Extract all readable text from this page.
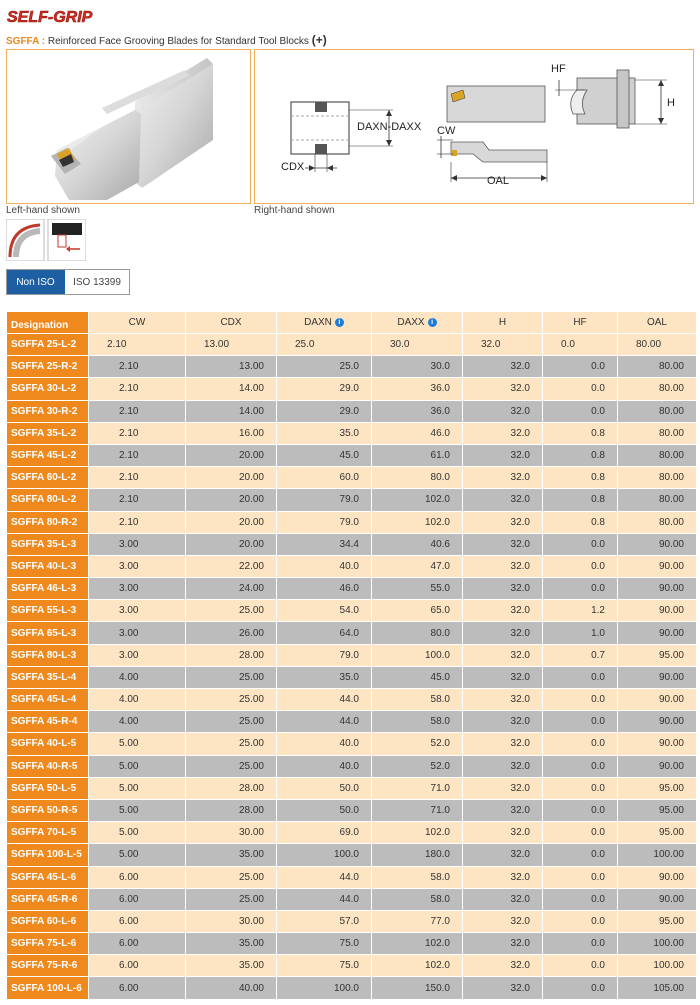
SELF-GRIP
SGFFA : Reinforced Face Grooving Blades for Standard Tool Blocks (+)
Left-hand shown
DAXN-DAXX
CDX
CW
OAL
HF
H
Right-hand shown
Non ISO	ISO 13399
Designation	CW	CDX	DAXN i	DAXX i	H	HF	OAL
SGFFA 25-L-2	2.10	13.00	25.0	30.0	32.0	0.0	80.00
SGFFA 25-R-2	2.10	13.00	25.0	30.0	32.0	0.0	80.00
SGFFA 30-L-2	2.10	14.00	29.0	36.0	32.0	0.0	80.00
SGFFA 30-R-2	2.10	14.00	29.0	36.0	32.0	0.0	80.00
SGFFA 35-L-2	2.10	16.00	35.0	46.0	32.0	0.8	80.00
SGFFA 45-L-2	2.10	20.00	45.0	61.0	32.0	0.8	80.00
SGFFA 60-L-2	2.10	20.00	60.0	80.0	32.0	0.8	80.00
SGFFA 80-L-2	2.10	20.00	79.0	102.0	32.0	0.8	80.00
SGFFA 80-R-2	2.10	20.00	79.0	102.0	32.0	0.8	80.00
SGFFA 35-L-3	3.00	20.00	34.4	40.6	32.0	0.0	90.00
SGFFA 40-L-3	3.00	22.00	40.0	47.0	32.0	0.0	90.00
SGFFA 46-L-3	3.00	24.00	46.0	55.0	32.0	0.0	90.00
SGFFA 55-L-3	3.00	25.00	54.0	65.0	32.0	1.2	90.00
SGFFA 65-L-3	3.00	26.00	64.0	80.0	32.0	1.0	90.00
SGFFA 80-L-3	3.00	28.00	79.0	100.0	32.0	0.7	95.00
SGFFA 35-L-4	4.00	25.00	35.0	45.0	32.0	0.0	90.00
SGFFA 45-L-4	4.00	25.00	44.0	58.0	32.0	0.0	90.00
SGFFA 45-R-4	4.00	25.00	44.0	58.0	32.0	0.0	90.00
SGFFA 40-L-5	5.00	25.00	40.0	52.0	32.0	0.0	90.00
SGFFA 40-R-5	5.00	25.00	40.0	52.0	32.0	0.0	90.00
SGFFA 50-L-5	5.00	28.00	50.0	71.0	32.0	0.0	95.00
SGFFA 50-R-5	5.00	28.00	50.0	71.0	32.0	0.0	95.00
SGFFA 70-L-5	5.00	30.00	69.0	102.0	32.0	0.0	95.00
SGFFA 100-L-5	5.00	35.00	100.0	180.0	32.0	0.0	100.00
SGFFA 45-L-6	6.00	25.00	44.0	58.0	32.0	0.0	90.00
SGFFA 45-R-6	6.00	25.00	44.0	58.0	32.0	0.0	90.00
SGFFA 60-L-6	6.00	30.00	57.0	77.0	32.0	0.0	95.00
SGFFA 75-L-6	6.00	35.00	75.0	102.0	32.0	0.0	100.00
SGFFA 75-R-6	6.00	35.00	75.0	102.0	32.0	0.0	100.00
SGFFA 100-L-6	6.00	40.00	100.0	150.0	32.0	0.0	105.00
